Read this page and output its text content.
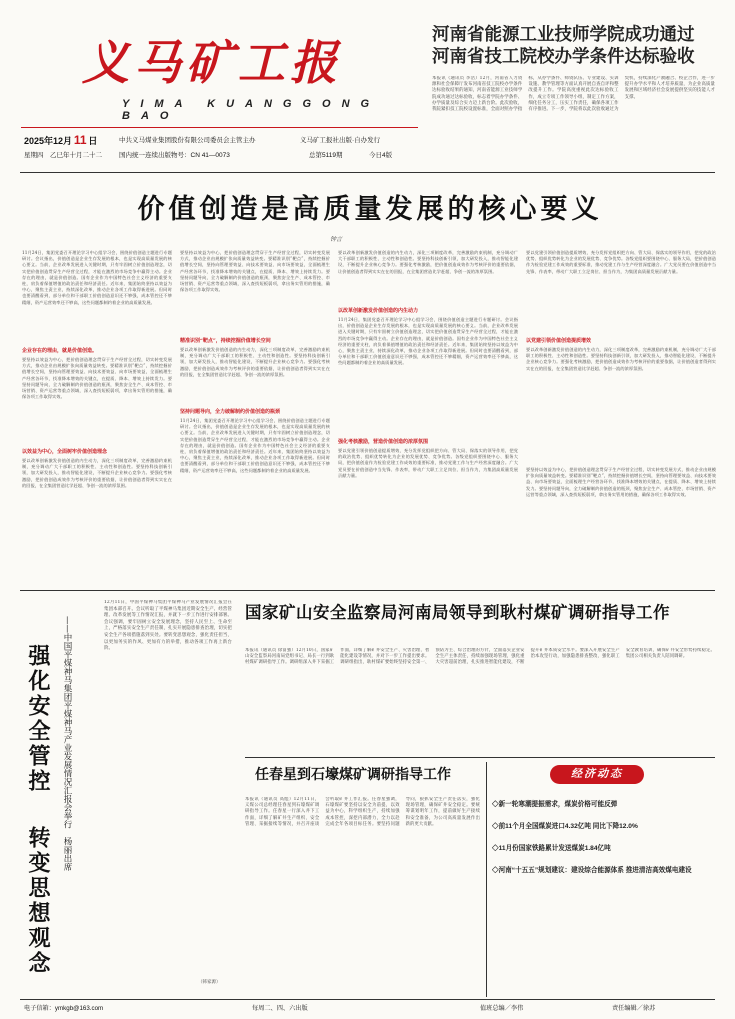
义马矿工报
YIMA KUANGGONG BAO
2025年12月 11 日	中共义马煤业集团股份有限公司委员会主管主办	义马矿工报社出版·自办发行
星期四　乙巳年十月二十二	国内统一连续出版物号：CN 41—0073	总第5119期	今日4版
河南省能源工业技师学院成功通过
河南省技工院校办学条件达标验收
本报讯（通讯员 李浩）12月，河南省人力资源和社会保障厅发布河南省技工院校办学条件达标验收结果的通知，河南省能源工业技师学院成功通过达标验收，标志着学院办学条件、办学质量及综合实力迈上新台阶。此次验收，我院紧扣技工院校设置标准，全面对照办学指标，从办学条件、师资队伍、专业建设、实训设施、教学管理等方面认真开展自查自评和整改提升工作。学院高度重视此次达标验收工作，成立专项工作领导小组，制定工作方案，细化任务分工，压实工作责任，确保各项工作有序推进。下一步，学院将以此次验收通过为契机，持续深化产教融合、校企合作，进一步提升办学水平和人才培养质量，为企业高质量发展和区域经济社会发展提供坚实的技能人才支撑。
价值创造是高质量发展的核心要义
钟言
11月24日，集团党委召开理论学习中心组学习会，围绕价值创造主题进行专题研讨。会议指出，价值创造是企业生存发展的根本，也是实现高质量发展的核心要义。当前，企业改革发展进入关键时期，只有牢固树立价值创造理念，切实把价值创造贯穿生产经营全过程，才能在激烈的市场竞争中赢得主动。企业存在的理由，就是价值创造。国有企业作为中国特色社会主义经济的重要支柱，肩负着保值增值的政治责任和经济责任。近年来，集团始终坚持以效益为中心，聚焦主责主业，持续深化改革，推动企业各项工作取得新进展。但同时也要清醒看到，部分单位和干部职工价值创造意识还不够强，成本管控还不够精细，资产运营效率还不够高，这些问题都制约着企业的高质量发展。
企业存在的理由，就是价值创造。
要坚持以效益为中心，把价值创造理念贯穿于生产经营全过程，切实转变发展方式，推动企业由规模扩张向质量效益转变。要精准识别“靶点”，持续挖掘价值增长空间，坚持向管理要效益、向技术要效益、向市场要效益，全面梳理生产经营各环节，找准降本增效的关键点，在提质、降本、增效上持续发力。要坚持问题导向，全力破解制约价值创造的瓶颈，聚焦安全生产、成本管控、市场营销、资产运营等重点领域，深入查找短板弱项，拿出务实管用的措施，确保各项工作取得实效。
以效益为中心，全面树牢价值创造理念
要以改革创新激发价值创造的内生动力，深化三项制度改革，完善激励约束机制，充分调动广大干部职工的积极性、主动性和创造性。要坚持科技创新引领，加大研发投入，推动智能化建设，不断提升企业核心竞争力。要强化考核激励，把价值创造成效作为考核评价的重要依据，让价值创造者得到实实在在的回报，在全集团营造比学赶超、争创一流的浓厚氛围。
要坚持以效益为中心，把价值创造理念贯穿于生产经营全过程，切实转变发展方式，推动企业由规模扩张向质量效益转变。要精准识别“靶点”，持续挖掘价值增长空间，坚持向管理要效益、向技术要效益、向市场要效益，全面梳理生产经营各环节，找准降本增效的关键点，在提质、降本、增效上持续发力。要坚持问题导向，全力破解制约价值创造的瓶颈，聚焦安全生产、成本管控、市场营销、资产运营等重点领域，深入查找短板弱项，拿出务实管用的措施，确保各项工作取得实效。
精准识别“靶点”，持续挖掘价值增长空间
要以改革创新激发价值创造的内生动力，深化三项制度改革，完善激励约束机制，充分调动广大干部职工的积极性、主动性和创造性。要坚持科技创新引领，加大研发投入，推动智能化建设，不断提升企业核心竞争力。要强化考核激励，把价值创造成效作为考核评价的重要依据，让价值创造者得到实实在在的回报，在全集团营造比学赶超、争创一流的浓厚氛围。
坚持问题导向，全力破解制约价值创造的瓶颈
11月24日，集团党委召开理论学习中心组学习会，围绕价值创造主题进行专题研讨。会议指出，价值创造是企业生存发展的根本，也是实现高质量发展的核心要义。当前，企业改革发展进入关键时期，只有牢固树立价值创造理念，切实把价值创造贯穿生产经营全过程，才能在激烈的市场竞争中赢得主动。企业存在的理由，就是价值创造。国有企业作为中国特色社会主义经济的重要支柱，肩负着保值增值的政治责任和经济责任。近年来，集团始终坚持以效益为中心，聚焦主责主业，持续深化改革，推动企业各项工作取得新进展。但同时也要清醒看到，部分单位和干部职工价值创造意识还不够强，成本管控还不够精细，资产运营效率还不够高，这些问题都制约着企业的高质量发展。
要以改革创新激发价值创造的内生动力，深化三项制度改革，完善激励约束机制，充分调动广大干部职工的积极性、主动性和创造性。要坚持科技创新引领，加大研发投入，推动智能化建设，不断提升企业核心竞争力。要强化考核激励，把价值创造成效作为考核评价的重要依据，让价值创造者得到实实在在的回报，在全集团营造比学赶超、争创一流的浓厚氛围。
以改革创新激发价值创造的内生动力
11月24日，集团党委召开理论学习中心组学习会，围绕价值创造主题进行专题研讨。会议指出，价值创造是企业生存发展的根本，也是实现高质量发展的核心要义。当前，企业改革发展进入关键时期，只有牢固树立价值创造理念，切实把价值创造贯穿生产经营全过程，才能在激烈的市场竞争中赢得主动。企业存在的理由，就是价值创造。国有企业作为中国特色社会主义经济的重要支柱，肩负着保值增值的政治责任和经济责任。近年来，集团始终坚持以效益为中心，聚焦主责主业，持续深化改革，推动企业各项工作取得新进展。但同时也要清醒看到，部分单位和干部职工价值创造意识还不够强，成本管控还不够精细，资产运营效率还不够高，这些问题都制约着企业的高质量发展。
强化考核激励，营造价值创造的浓厚氛围
要以党建引领价值创造提质增效，充分发挥党组织把方向、管大局、保落实的领导作用，把党的政治优势、组织优势转化为企业的发展优势、竞争优势。各级党组织要围绕中心、服务大局，把价值创造作为检验党建工作成效的重要标准，推动党建工作与生产经营深度融合。广大党员要在价值创造中当先锋、作表率，带动广大职工立足岗位、担当作为，为集团高质量发展贡献力量。
要以党建引领价值创造提质增效，充分发挥党组织把方向、管大局、保落实的领导作用，把党的政治优势、组织优势转化为企业的发展优势、竞争优势。各级党组织要围绕中心、服务大局，把价值创造作为检验党建工作成效的重要标准，推动党建工作与生产经营深度融合。广大党员要在价值创造中当先锋、作表率，带动广大职工立足岗位、担当作为，为集团高质量发展贡献力量。
以党建引领价值创造提质增效
要以改革创新激发价值创造的内生动力，深化三项制度改革，完善激励约束机制，充分调动广大干部职工的积极性、主动性和创造性。要坚持科技创新引领，加大研发投入，推动智能化建设，不断提升企业核心竞争力。要强化考核激励，把价值创造成效作为考核评价的重要依据，让价值创造者得到实实在在的回报，在全集团营造比学赶超、争创一流的浓厚氛围。
要坚持以效益为中心，把价值创造理念贯穿于生产经营全过程，切实转变发展方式，推动企业由规模扩张向质量效益转变。要精准识别“靶点”，持续挖掘价值增长空间，坚持向管理要效益、向技术要效益、向市场要效益，全面梳理生产经营各环节，找准降本增效的关键点，在提质、降本、增效上持续发力。要坚持问题导向，全力破解制约价值创造的瓶颈，聚焦安全生产、成本管控、市场营销、资产运营等重点领域，深入查找短板弱项，拿出务实管用的措施，确保各项工作取得实效。
强化安全管控
转变思想观念
——中国平煤神马集团平煤神马产业发展情况汇报会举行　杨丽出席
12月11日，中国平煤神马集团平煤神马产业发展情况汇报会在集团本部召开。会议听取了平煤神马集团近期安全生产、经营管理、改革发展等工作情况汇报，并就下一步工作进行安排部署。会议强调，要牢固树立安全发展理念，坚持人民至上、生命至上，严格落实安全生产责任制，扎实开展隐患排查治理，切实把安全生产各项措施落到实处。要转变思想观念，强化责任担当，以更加务实的作风、更加有力的举措，推动各项工作再上新台阶。
（韩家源）
国家矿山安全监察局河南局领导到耿村煤矿调研指导工作
本报讯（通讯员 徐富强）12月10日，国家矿山安全监察局河南局党组书记、局长一行到耿村煤矿调研指导工作。调研组深入井下采掘工作面，详细了解矿井安全生产、灾害治理、智能化建设等情况，并对下一步工作提出要求。调研组指出，耿村煤矿要始终坚持安全第一、预防为主、综合治理的方针，全面落实企业安全生产主体责任，持续加强现场管理，强化重大灾害超前治理，扎实推进智能化建设，不断提升矿井本质安全水平。要深入开展安全生产治本攻坚行动，加强隐患排查整改，强化职工安全教育培训，确保矿井安全形势持续稳定。集团公司相关负责人陪同调研。
任春星到石壕煤矿调研指导工作
本报讯（通讯员 高彪）12月11日，义煤公司总经理任春星到石壕煤矿调研指导工作。任春星一行深入井下工作面，详细了解矿井生产组织、安全管理、采掘接续等情况，并召开座谈会听取矿井工作汇报。任春星强调，石壕煤矿要坚持以安全为前提，以效益为中心，科学组织生产，持续加强成本管控，深挖内部潜力，全力以赴完成全年各项目标任务。要坚持问题导向，狠抓安全生产责任落实，强化现场管理，确保矿井安全稳定。要统筹谋划明年工作，提前做好生产接续和安全准备，为公司高质量发展作出新的更大贡献。
经济动态
◇新一轮寒潮提振需求，煤炭价格可能反弹
◇前11个月全国煤炭进口4.32亿吨 同比下降12.0%
◇11月份国家铁路累计发送煤炭1.84亿吨
◇河南“十五五”规划建议：建设综合能源体系 推进清洁高效煤电建设
电子信箱：ymkgb@163.com	每周二、四、六出版	值班总编／李伟	责任编辑／徐苏
